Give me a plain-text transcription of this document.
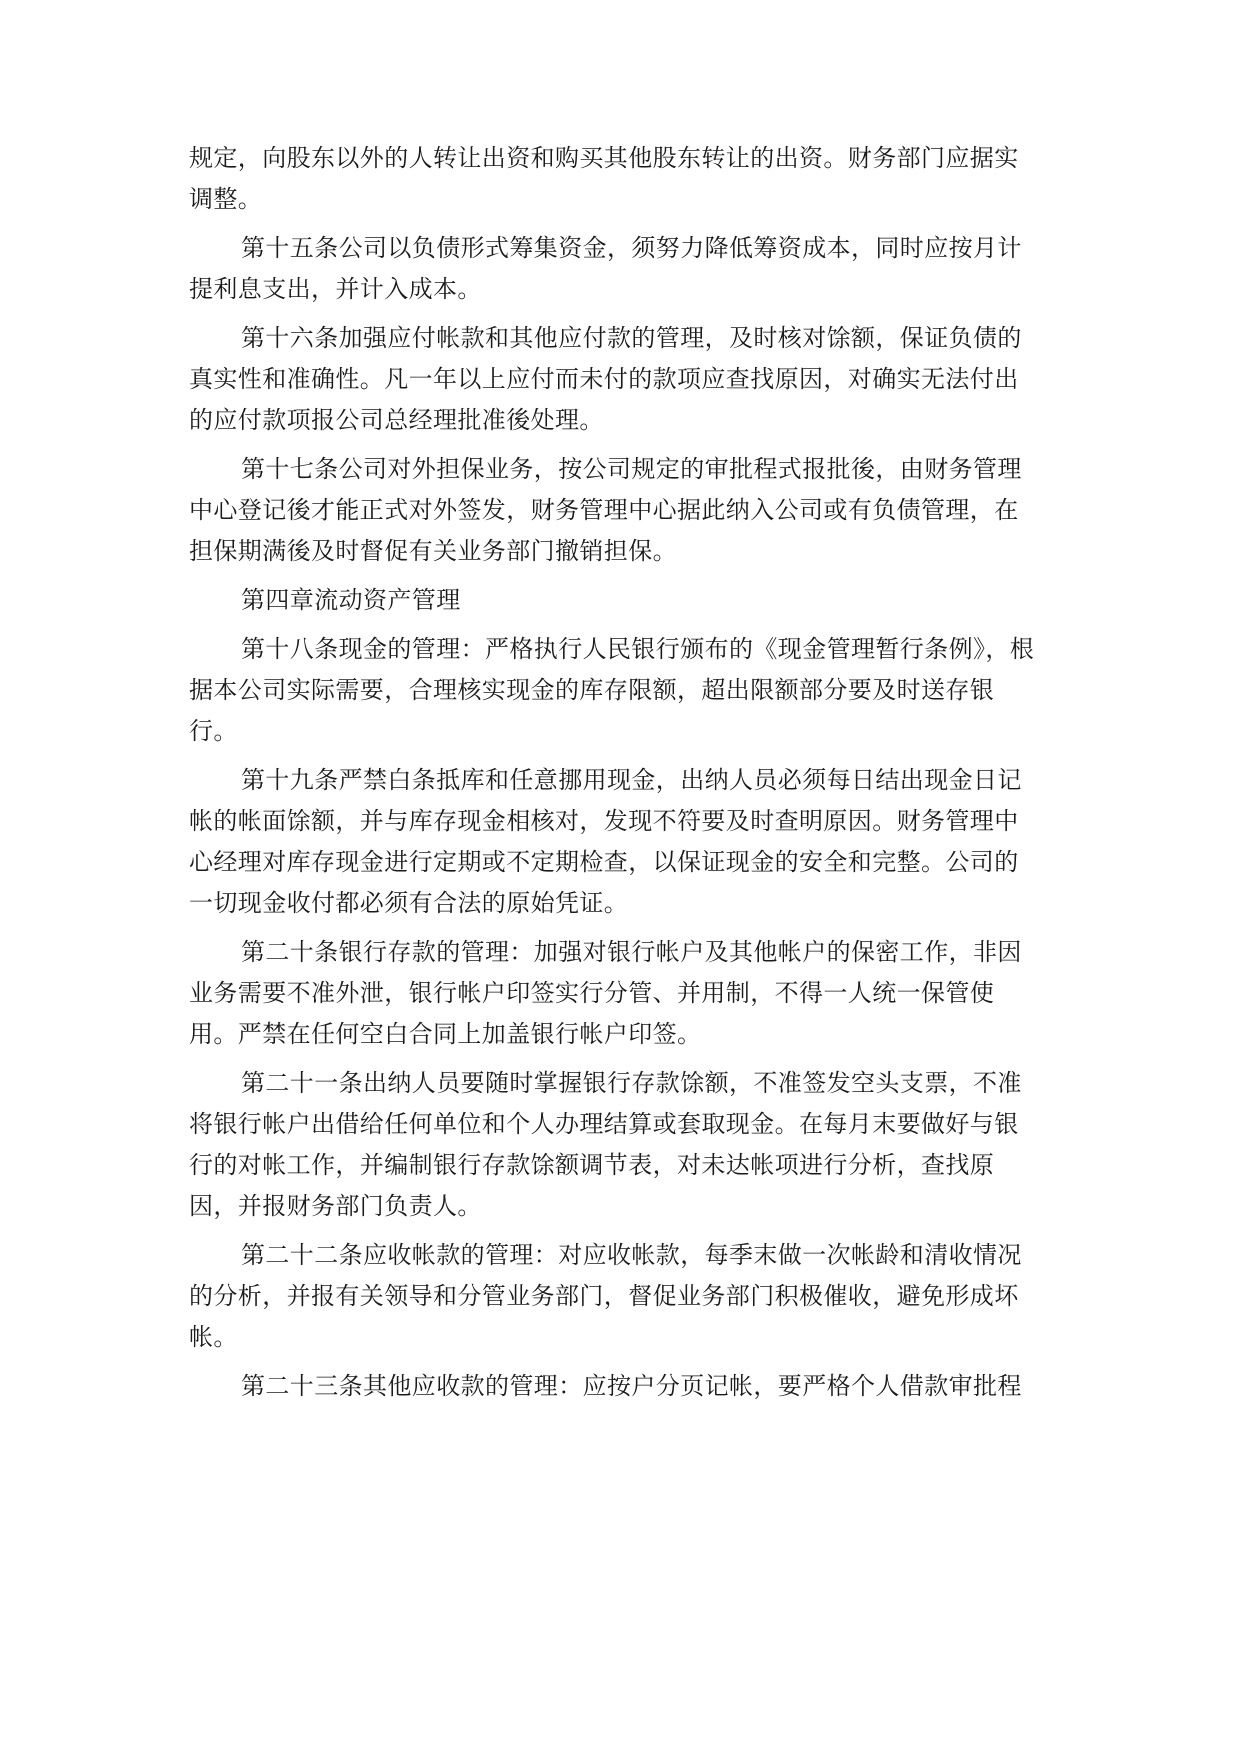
规定，向股东以外的人转让出资和购买其他股东转让的出资。财务部门应据实
调整。
第十五条公司以负债形式筹集资金，须努力降低筹资成本，同时应按月计
提利息支出，并计入成本。
第十六条加强应付帐款和其他应付款的管理，及时核对馀额，保证负债的
真实性和准确性。凡一年以上应付而未付的款项应查找原因，对确实无法付出
的应付款项报公司总经理批准後处理。
第十七条公司对外担保业务，按公司规定的审批程式报批後，由财务管理
中心登记後才能正式对外签发，财务管理中心据此纳入公司或有负债管理，在
担保期满後及时督促有关业务部门撤销担保。
第四章流动资产管理
第十八条现金的管理：严格执行人民银行颁布的《现金管理暂行条例》，根
据本公司实际需要，合理核实现金的库存限额，超出限额部分要及时送存银
行。
第十九条严禁白条抵库和任意挪用现金，出纳人员必须每日结出现金日记
帐的帐面馀额，并与库存现金相核对，发现不符要及时查明原因。财务管理中
心经理对库存现金进行定期或不定期检查，以保证现金的安全和完整。公司的
一切现金收付都必须有合法的原始凭证。
第二十条银行存款的管理：加强对银行帐户及其他帐户的保密工作，非因
业务需要不准外泄，银行帐户印签实行分管、并用制，不得一人统一保管使
用。严禁在任何空白合同上加盖银行帐户印签。
第二十一条出纳人员要随时掌握银行存款馀额，不准签发空头支票，不准
将银行帐户出借给任何单位和个人办理结算或套取现金。在每月末要做好与银
行的对帐工作，并编制银行存款馀额调节表，对未达帐项进行分析，查找原
因，并报财务部门负责人。
第二十二条应收帐款的管理：对应收帐款，每季末做一次帐龄和清收情况
的分析，并报有关领导和分管业务部门，督促业务部门积极催收，避免形成坏
帐。
第二十三条其他应收款的管理：应按户分页记帐，要严格个人借款审批程
